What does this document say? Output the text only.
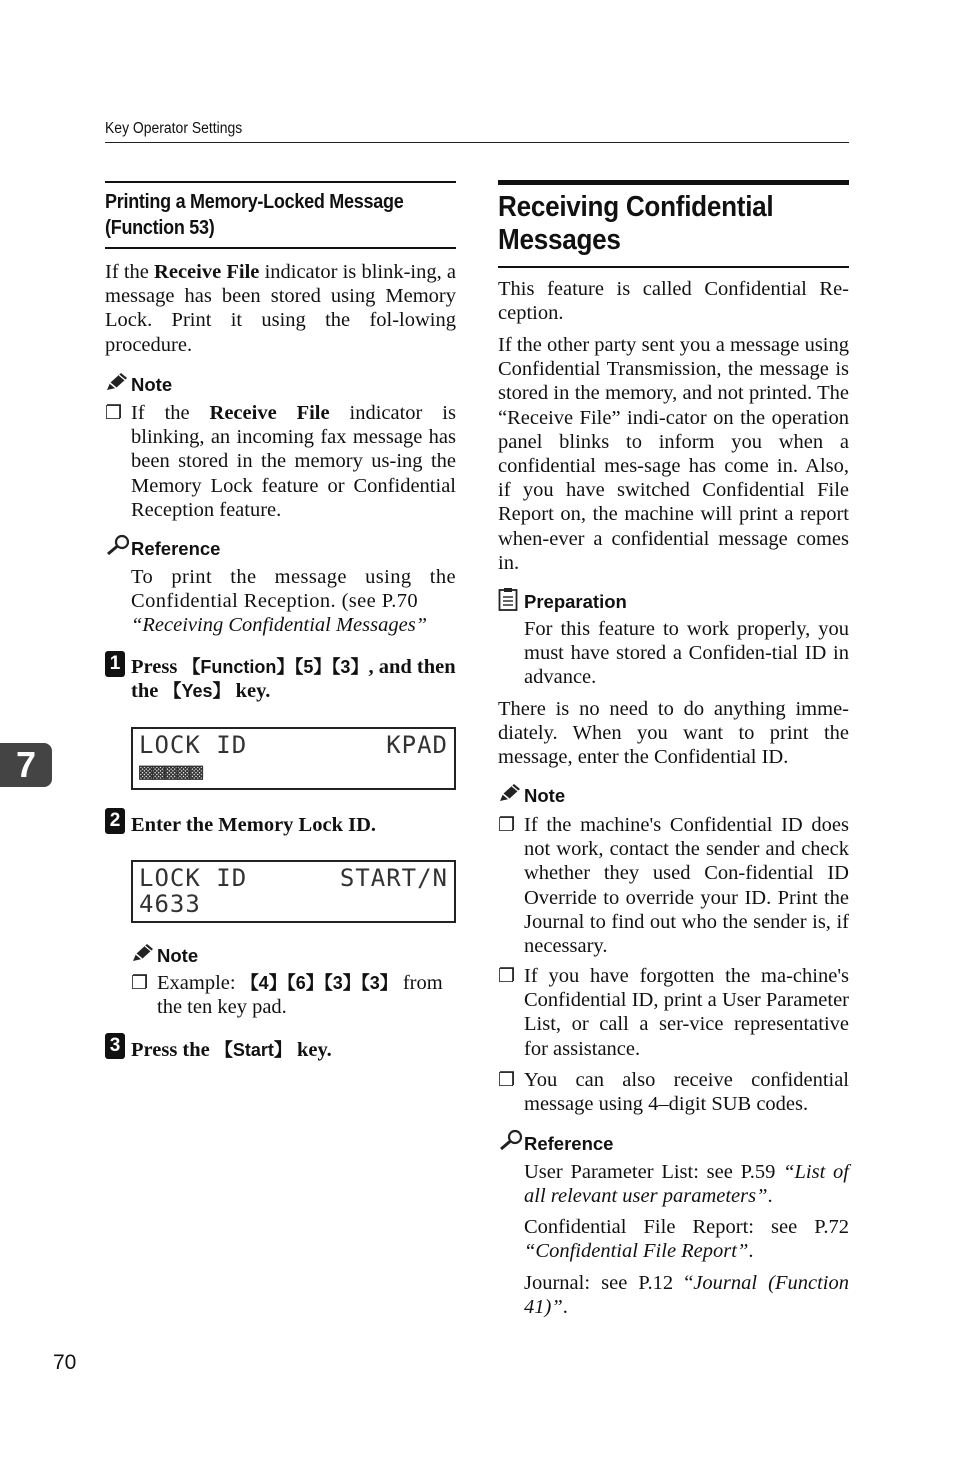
Key Operator Settings
Printing a Memory-Locked Message
(Function 53)
If the Receive File indicator is blink-ing, a message has been stored using Memory Lock. Print it using the fol-lowing procedure.
Note
❐ If the Receive File indicator is blinking, an incoming fax message has been stored in the memory us-ing the Memory Lock feature or Confidential Reception feature.
Reference
To print the message using the Confidential Reception. (see P.70
“Receiving Confidential Messages”
1 Press 【Function】【5】【3】, and then
the 【Yes】 key.
LOCK ID	KPAD
▩▩▩▩▩
2 Enter the Memory Lock ID.
LOCK ID	START/N
4633
Note
❐ Example: 【4】【6】【3】【3】 from the ten key pad.
3 Press the 【Start】 key.
7
Receiving Confidential
Messages
This feature is called Confidential Re-ception.
If the other party sent you a message using Confidential Transmission, the message is stored in the memory, and not printed. The “Receive File” indi-cator on the operation panel blinks to inform you when a confidential mes-sage has come in. Also, if you have switched Confidential File Report on, the machine will print a report when-ever a confidential message comes in.
Preparation
For this feature to work properly, you must have stored a Confiden-tial ID in advance.
There is no need to do anything imme-diately. When you want to print the message, enter the Confidential ID.
Note
❐ If the machine's Confidential ID does not work, contact the sender and check whether they used Con-fidential ID Override to override your ID. Print the Journal to find out who the sender is, if necessary.
❐ If you have forgotten the ma-chine's Confidential ID, print a User Parameter List, or call a ser-vice representative for assistance.
❐ You can also receive confidential message using 4–digit SUB codes.
Reference
User Parameter List: see P.59 “List of all relevant user parameters”.
Confidential File Report: see P.72 “Confidential File Report”.
Journal: see P.12 “Journal (Function 41)”.
70
